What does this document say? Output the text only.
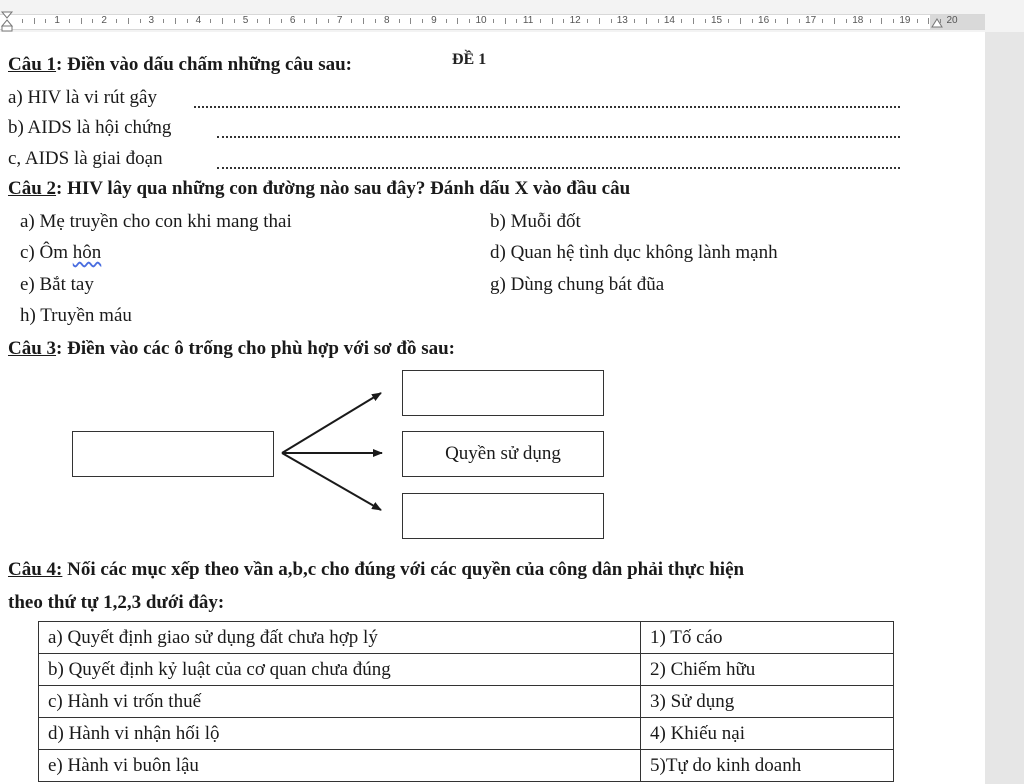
1	2	3	4	5	6	7	8	9	10	11	12	13	14	15	16	17	18	19	20
ĐỀ 1
Câu 1: Điền vào dấu chấm những câu sau:
a) HIV là vi rút gây
b) AIDS là hội chứng
c, AIDS là giai đoạn
Câu 2: HIV lây qua những con đường nào sau đây? Đánh dấu X vào đầu câu
a) Mẹ truyền cho con khi mang thai	b) Muỗi đốt
c) Ôm hôn	d) Quan hệ tình dục không lành mạnh
e) Bắt tay	g) Dùng chung bát đũa
h) Truyền máu
Câu 3: Điền vào các ô trống cho phù hợp với sơ đồ sau:
Quyền sử dụng
Câu 4: Nối các mục xếp theo vần a,b,c cho đúng với các quyền của công dân phải thực hiện
theo thứ tự 1,2,3 dưới đây:
a) Quyết định giao sử dụng đất chưa hợp lý	1) Tố cáo
b) Quyết định kỷ luật của cơ quan chưa đúng	2) Chiếm hữu
c) Hành vi trốn thuế	3) Sử dụng
d) Hành vi nhận hối lộ	4) Khiếu nại
e) Hành vi buôn lậu	5)Tự do kinh doanh
